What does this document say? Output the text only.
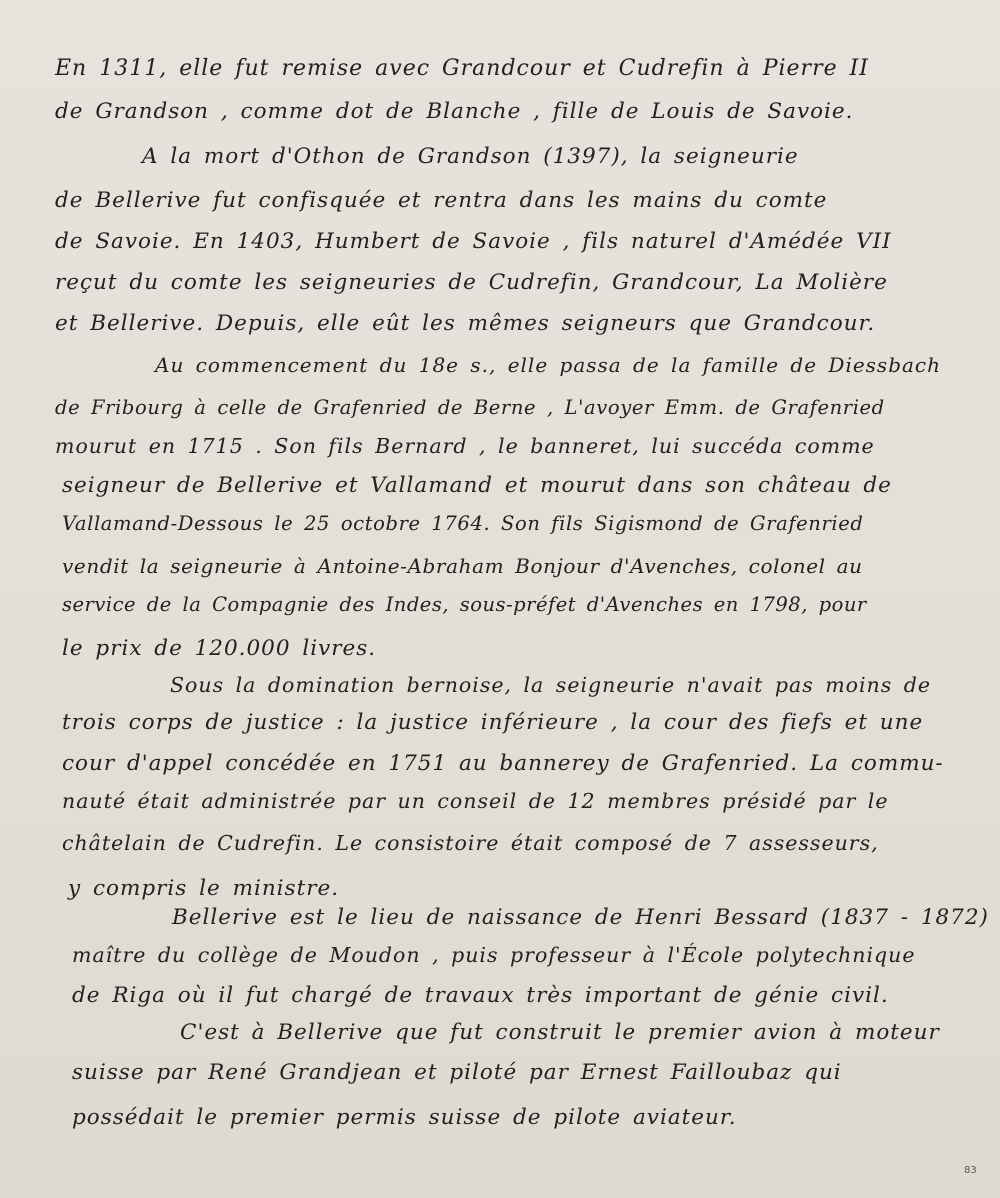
En 1311, elle fut remise avec Grandcour et Cudrefin à Pierre II
de Grandson , comme dot de Blanche , fille de Louis de Savoie.
A la mort d'Othon de Grandson (1397), la seigneurie
de Bellerive fut confisquée et rentra dans les mains du comte
de Savoie. En 1403, Humbert de Savoie , fils naturel d'Amédée VII
reçut du comte les seigneuries de Cudrefin, Grandcour, La Molière
et Bellerive. Depuis, elle eût les mêmes seigneurs que Grandcour.
Au commencement du 18e s., elle passa de la famille de Diessbach
de Fribourg à celle de Grafenried de Berne , L'avoyer Emm. de Grafenried
mourut en 1715 . Son fils Bernard , le banneret, lui succéda comme
seigneur de Bellerive et Vallamand et mourut dans son château de
Vallamand-Dessous le 25 octobre 1764. Son fils Sigismond de Grafenried
vendit la seigneurie à Antoine-Abraham Bonjour d'Avenches, colonel au
service de la Compagnie des Indes, sous-préfet d'Avenches en 1798, pour
le prix de 120.000 livres.
Sous la domination bernoise, la seigneurie n'avait pas moins de
trois corps de justice : la justice inférieure , la cour des fiefs et une
cour d'appel concédée en 1751 au bannerey de Grafenried. La commu-
nauté était administrée par un conseil de 12 membres présidé par le
châtelain de Cudrefin. Le consistoire était composé de 7 assesseurs,
y compris le ministre.
Bellerive est le lieu de naissance de Henri Bessard (1837 - 1872)
maître du collège de Moudon , puis professeur à l'École polytechnique
de Riga où il fut chargé de travaux très important de génie civil.
C'est à Bellerive que fut construit le premier avion à moteur
suisse par René Grandjean et piloté par Ernest Failloubaz qui
possédait le premier permis suisse de pilote aviateur.
83
